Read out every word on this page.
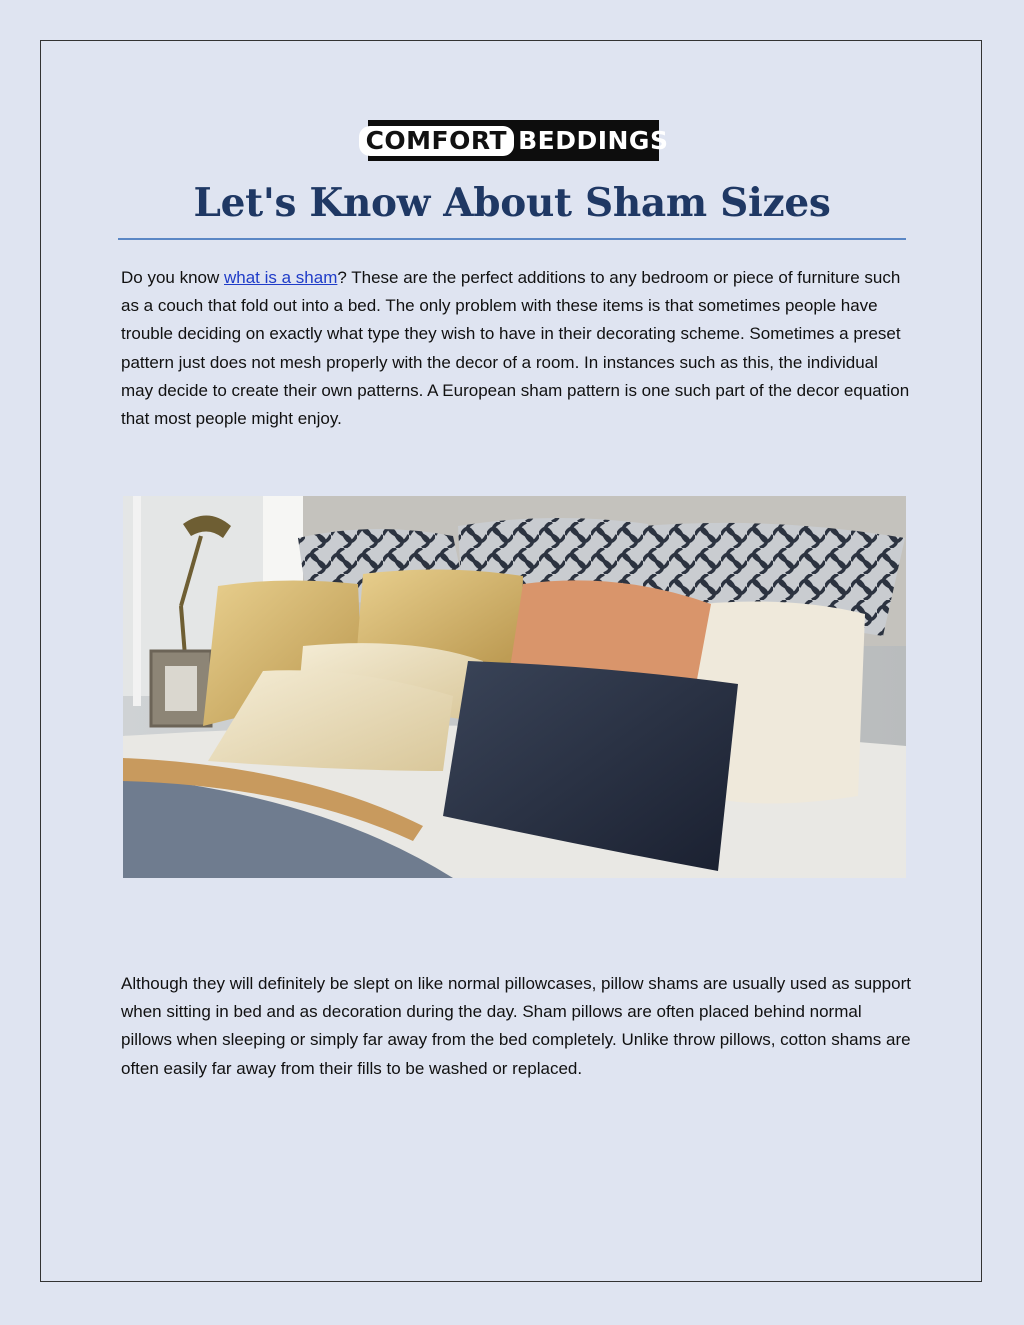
COMFORT BEDDINGS
Let's Know About Sham Sizes

Do you know what is a sham? These are the perfect additions to any bedroom or piece of furniture such as a couch that fold out into a bed. The only problem with these items is that sometimes people have trouble deciding on exactly what type they wish to have in their decorating scheme. Sometimes a preset pattern just does not mesh properly with the decor of a room. In instances such as this, the individual may decide to create their own patterns. A European sham pattern is one such part of the decor equation that most people might enjoy.

Although they will definitely be slept on like normal pillowcases, pillow shams are usually used as support when sitting in bed and as decoration during the day. Sham pillows are often placed behind normal pillows when sleeping or simply far away from the bed completely. Unlike throw pillows, cotton shams are often easily far away from their fills to be washed or replaced.
